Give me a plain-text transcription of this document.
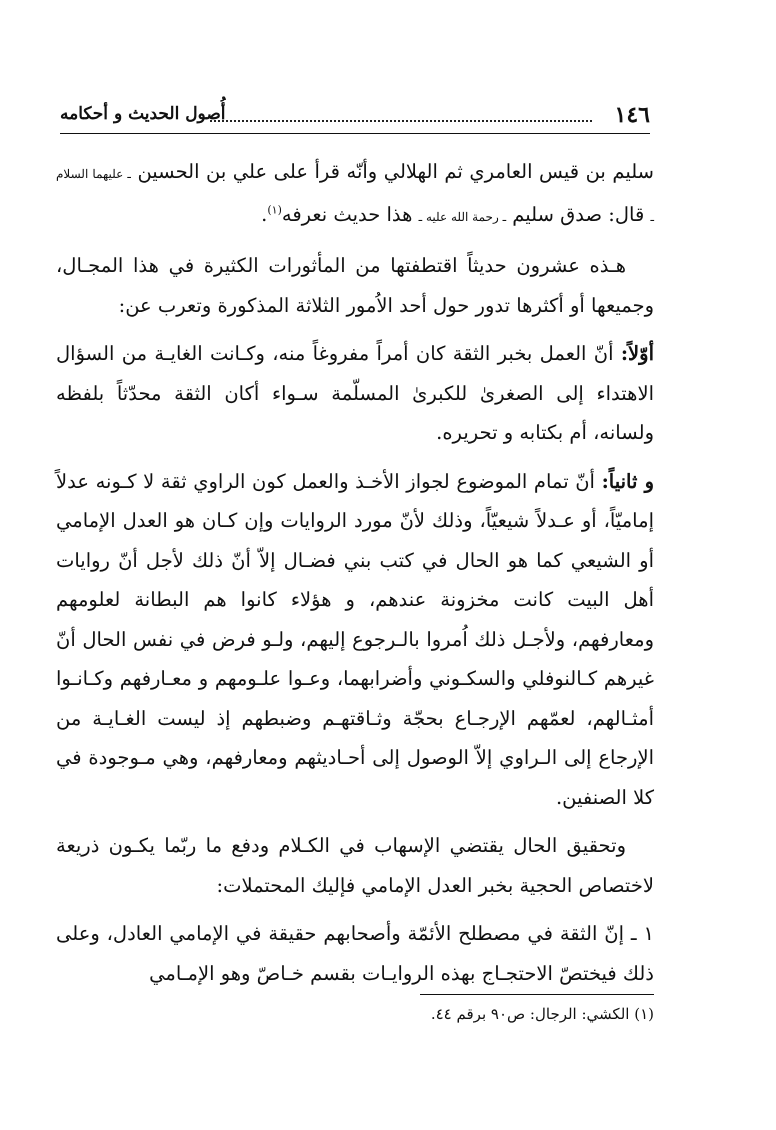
١٤٦
أُصول الحديث و أحكامه

سليم بن قيس العامري ثم الهلالي وأنّه قرأ على علي بن الحسين ـ عليهما السلام ـ قال: صدق سليم ـ رحمة الله عليه ـ هذا حديث نعرفه$^{(١)}$.

هـذه عشرون حديثاً اقتطفتها من المأثورات الكثيرة في هذا المجـال، وجميعها أو أكثرها تدور حول أحد الاُمور الثلاثة المذكورة وتعرب عن:

أوّلاً: أنّ العمل بخبر الثقة كان أمراً مفروغاً منه، وكـانت الغايـة من السؤال الاهتداء إلى الصغرىٰ للكبرىٰ المسلّمة سـواء أكان الثقة محدّثاً بلفظه ولسانه، أم بكتابه و تحريره.

و ثانياً: أنّ تمام الموضوع لجواز الأخـذ والعمل كون الراوي ثقة لا كـونه عدلاً إماميّاً، أو عـدلاً شيعيّاً، وذلك لأنّ مورد الروايات وإن كـان هو العدل الإمامي أو الشيعي كما هو الحال في كتب بني فضـال إلاّ أنّ ذلك لأجل أنّ روايات أهل البيت كانت مخزونة عندهم، و هؤلاء كانوا هم البطانة لعلومهم ومعارفهم، ولأجـل ذلك اُمروا بالـرجوع إليهم، ولـو فرض في نفس الحال أنّ غيرهم كـالنوفلي والسكـوني وأضرابهما، وعـوا علـومهم و معـارفهم وكـانـوا أمثـالهم، لعمّهم الإرجـاع بحجّة وثـاقتهـم وضبطهم إذ ليست الغـايـة من الإرجاع إلى الـراوي إلاّ الوصول إلى أحـاديثهم ومعارفهم، وهي مـوجودة في كلا الصنفين.

وتحقيق الحال يقتضي الإسهاب في الكـلام ودفع ما ربّما يكـون ذريعة لاختصاص الحجية بخبر العدل الإمامي فإليك المحتملات:

١ ـ إنّ الثقة في مصطلح الأئمّة وأصحابهم حقيقة في الإمامي العادل، وعلى ذلك فيختصّ الاحتجـاج بهذه الروايـات بقسم خـاصّ وهو الإمـامي

(١) الكشي: الرجال: ص٩٠ برقم ٤٤.
